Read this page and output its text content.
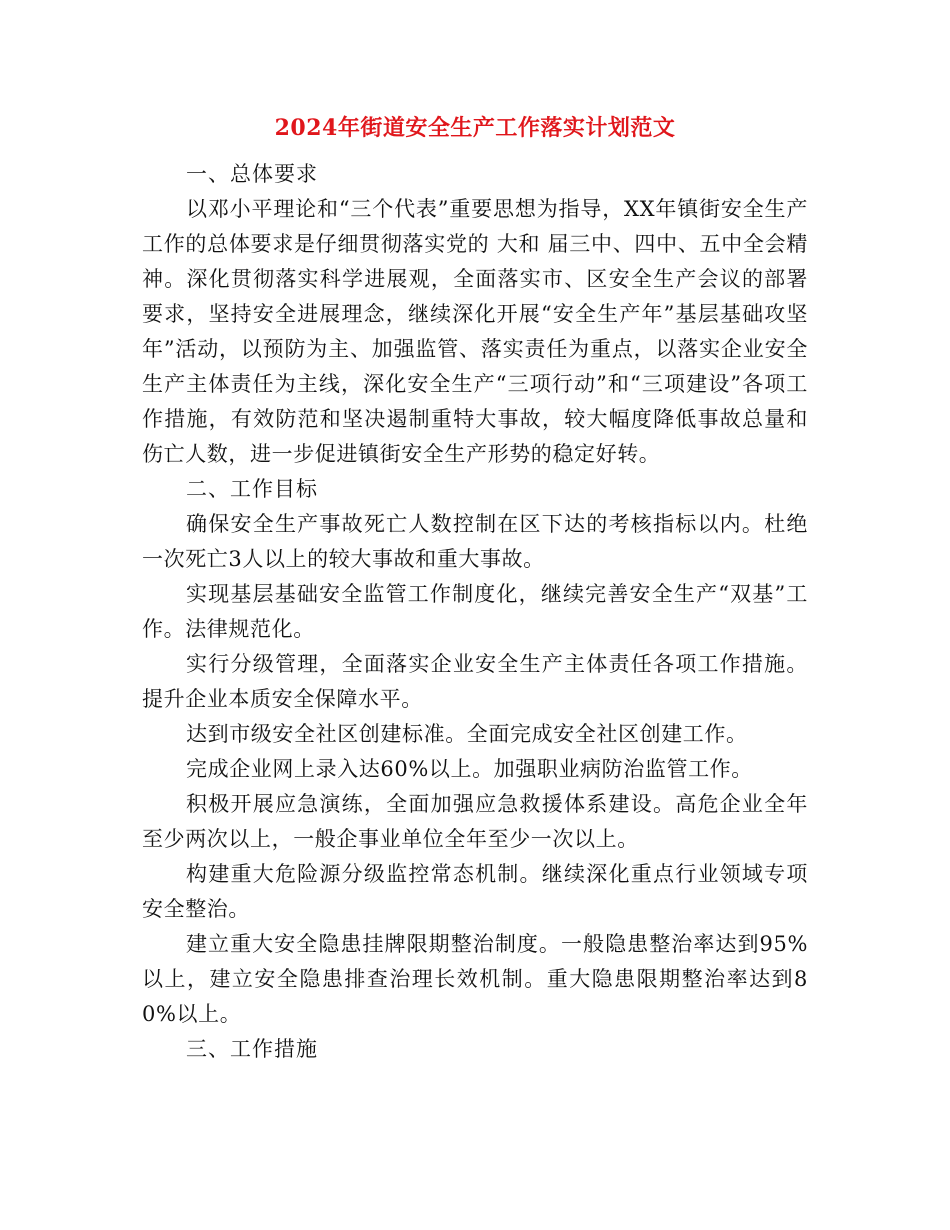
2024年街道安全生产工作落实计划范文

一、总体要求

以邓小平理论和“三个代表”重要思想为指导，XX年镇街安全生产工作的总体要求是仔细贯彻落实党的 大和 届三中、四中、五中全会精神。深化贯彻落实科学进展观，全面落实市、区安全生产会议的部署要求，坚持安全进展理念，继续深化开展“安全生产年”基层基础攻坚年”活动，以预防为主、加强监管、落实责任为重点，以落实企业安全生产主体责任为主线，深化安全生产“三项行动”和“三项建设”各项工作措施，有效防范和坚决遏制重特大事故，较大幅度降低事故总量和伤亡人数，进一步促进镇街安全生产形势的稳定好转。

二、工作目标

确保安全生产事故死亡人数控制在区下达的考核指标以内。杜绝一次死亡3人以上的较大事故和重大事故。

实现基层基础安全监管工作制度化，继续完善安全生产“双基”工作。法律规范化。

实行分级管理，全面落实企业安全生产主体责任各项工作措施。提升企业本质安全保障水平。

达到市级安全社区创建标准。全面完成安全社区创建工作。

完成企业网上录入达60%以上。加强职业病防治监管工作。

积极开展应急演练，全面加强应急救援体系建设。高危企业全年至少两次以上，一般企事业单位全年至少一次以上。

构建重大危险源分级监控常态机制。继续深化重点行业领域专项安全整治。

建立重大安全隐患挂牌限期整治制度。一般隐患整治率达到95%以上，建立安全隐患排查治理长效机制。重大隐患限期整治率达到80%以上。

三、工作措施
